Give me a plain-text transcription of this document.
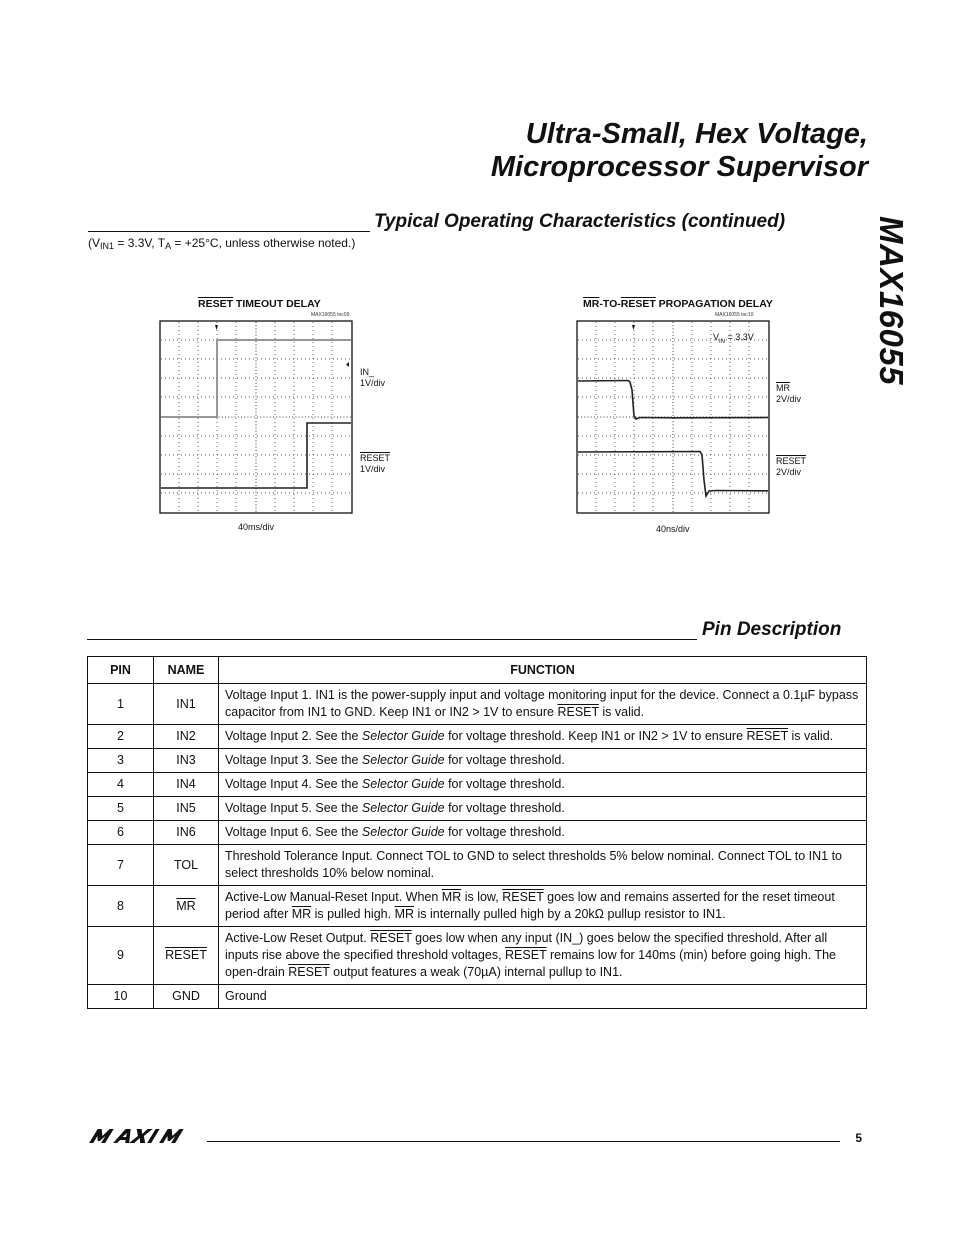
Ultra-Small, Hex Voltage,
Microprocessor Supervisor
MAX16055
Typical Operating Characteristics (continued)
($V_{IN1} = 3.3V$, $T_A = +25^\circ C$, unless otherwise noted.)
RESET TIMEOUT DELAY
MAX16055 toc09
IN_
1V/div
RESET
1V/div
40ms/div
$\overline{MR}-TO$-RESET PROPAGATION DELAY
MAX16055 toc10
$V_{IN} = 3.3V$
$\overline{MR}$
2V/div
RESET
2V/div
40ns/div
Pin Description
PIN	NAME	FUNCTION
1	IN1	Voltage Input 1. IN1 is the power-supply input and voltage monitoring input for the device. Connect a 0.1µF bypass capacitor from IN1 to GND. Keep IN1 or IN2 > 1V to ensure RESET is valid.
2	IN2	Voltage Input 2. See the Selector Guide for voltage threshold. Keep IN1 or IN2 > 1V to ensure RESET is valid.
3	IN3	Voltage Input 3. See the Selector Guide for voltage threshold.
4	IN4	Voltage Input 4. See the Selector Guide for voltage threshold.
5	IN5	Voltage Input 5. See the Selector Guide for voltage threshold.
6	IN6	Voltage Input 6. See the Selector Guide for voltage threshold.
7	TOL	Threshold Tolerance Input. Connect TOL to GND to select thresholds 5% below nominal. Connect TOL to IN1 to select thresholds 10% below nominal.
8	$\overline{MR}$	Active-Low Manual-Reset Input. When $\overline{MR}$ is low, RESET goes low and remains asserted for the reset timeout period after $\overline{MR}$ is pulled high. $\overline{MR}$ is internally pulled high by a 20kΩ pullup resistor to IN1.
9	RESET	Active-Low Reset Output. RESET goes low when any input (IN_) goes below the specified threshold. After all inputs rise above the specified threshold voltages, RESET remains low for 140ms (min) before going high. The open-drain RESET output features a weak (70µA) internal pullup to IN1.
10	GND	Ground
5
